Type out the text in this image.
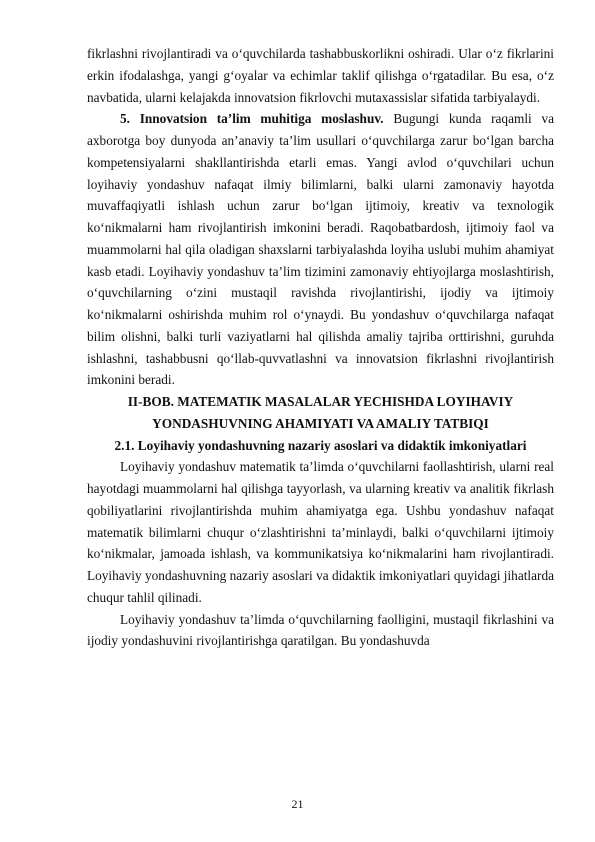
fikrlashni rivojlantiradi va o‘quvchilarda tashabbuskorlikni oshiradi. Ular o‘z fikrlarini erkin ifodalashga, yangi g‘oyalar va echimlar taklif qilishga o‘rgatadilar. Bu esa, o‘z navbatida, ularni kelajakda innovatsion fikrlovchi mutaxassislar sifatida tarbiyalaydi.

5. Innovatsion ta’lim muhitiga moslashuv. Bugungi kunda raqamli va axborotga boy dunyoda an’anaviy ta’lim usullari o‘quvchilarga zarur bo‘lgan barcha kompetensiyalarni shakllantirishda etarli emas. Yangi avlod o‘quvchilari uchun loyihaviy yondashuv nafaqat ilmiy bilimlarni, balki ularni zamonaviy hayotda muvaffaqiyatli ishlash uchun zarur bo‘lgan ijtimoiy, kreativ va texnologik ko‘nikmalarni ham rivojlantirish imkonini beradi. Raqobatbardosh, ijtimoiy faol va muammolarni hal qila oladigan shaxslarni tarbiyalashda loyiha uslubi muhim ahamiyat kasb etadi. Loyihaviy yondashuv ta’lim tizimini zamonaviy ehtiyojlarga moslashtirish, o‘quvchilarning o‘zini mustaqil ravishda rivojlantirishi, ijodiy va ijtimoiy ko‘nikmalarni oshirishda muhim rol o‘ynaydi. Bu yondashuv o‘quvchilarga nafaqat bilim olishni, balki turli vaziyatlarni hal qilishda amaliy tajriba orttirishni, guruhda ishlashni, tashabbusni qo‘llab-quvvatlashni va innovatsion fikrlashni rivojlantirish imkonini beradi.

II-BOB. MATEMATIK MASALALAR YECHISHDA LOYIHAVIY
YONDASHUVNING AHAMIYATI VA AMALIY TATBIQI
2.1. Loyihaviy yondashuvning nazariy asoslari va didaktik imkoniyatlari

Loyihaviy yondashuv matematik ta’limda o‘quvchilarni faollashtirish, ularni real hayotdagi muammolarni hal qilishga tayyorlash, va ularning kreativ va analitik fikrlash qobiliyatlarini rivojlantirishda muhim ahamiyatga ega. Ushbu yondashuv nafaqat matematik bilimlarni chuqur o‘zlashtirishni ta’minlaydi, balki o‘quvchilarni ijtimoiy ko‘nikmalar, jamoada ishlash, va kommunikatsiya ko‘nikmalarini ham rivojlantiradi. Loyihaviy yondashuvning nazariy asoslari va didaktik imkoniyatlari quyidagi jihatlarda chuqur tahlil qilinadi.

Loyihaviy yondashuv ta’limda o‘quvchilarning faolligini, mustaqil fikrlashini va ijodiy yondashuvini rivojlantirishga qaratilgan. Bu yondashuvda

21
